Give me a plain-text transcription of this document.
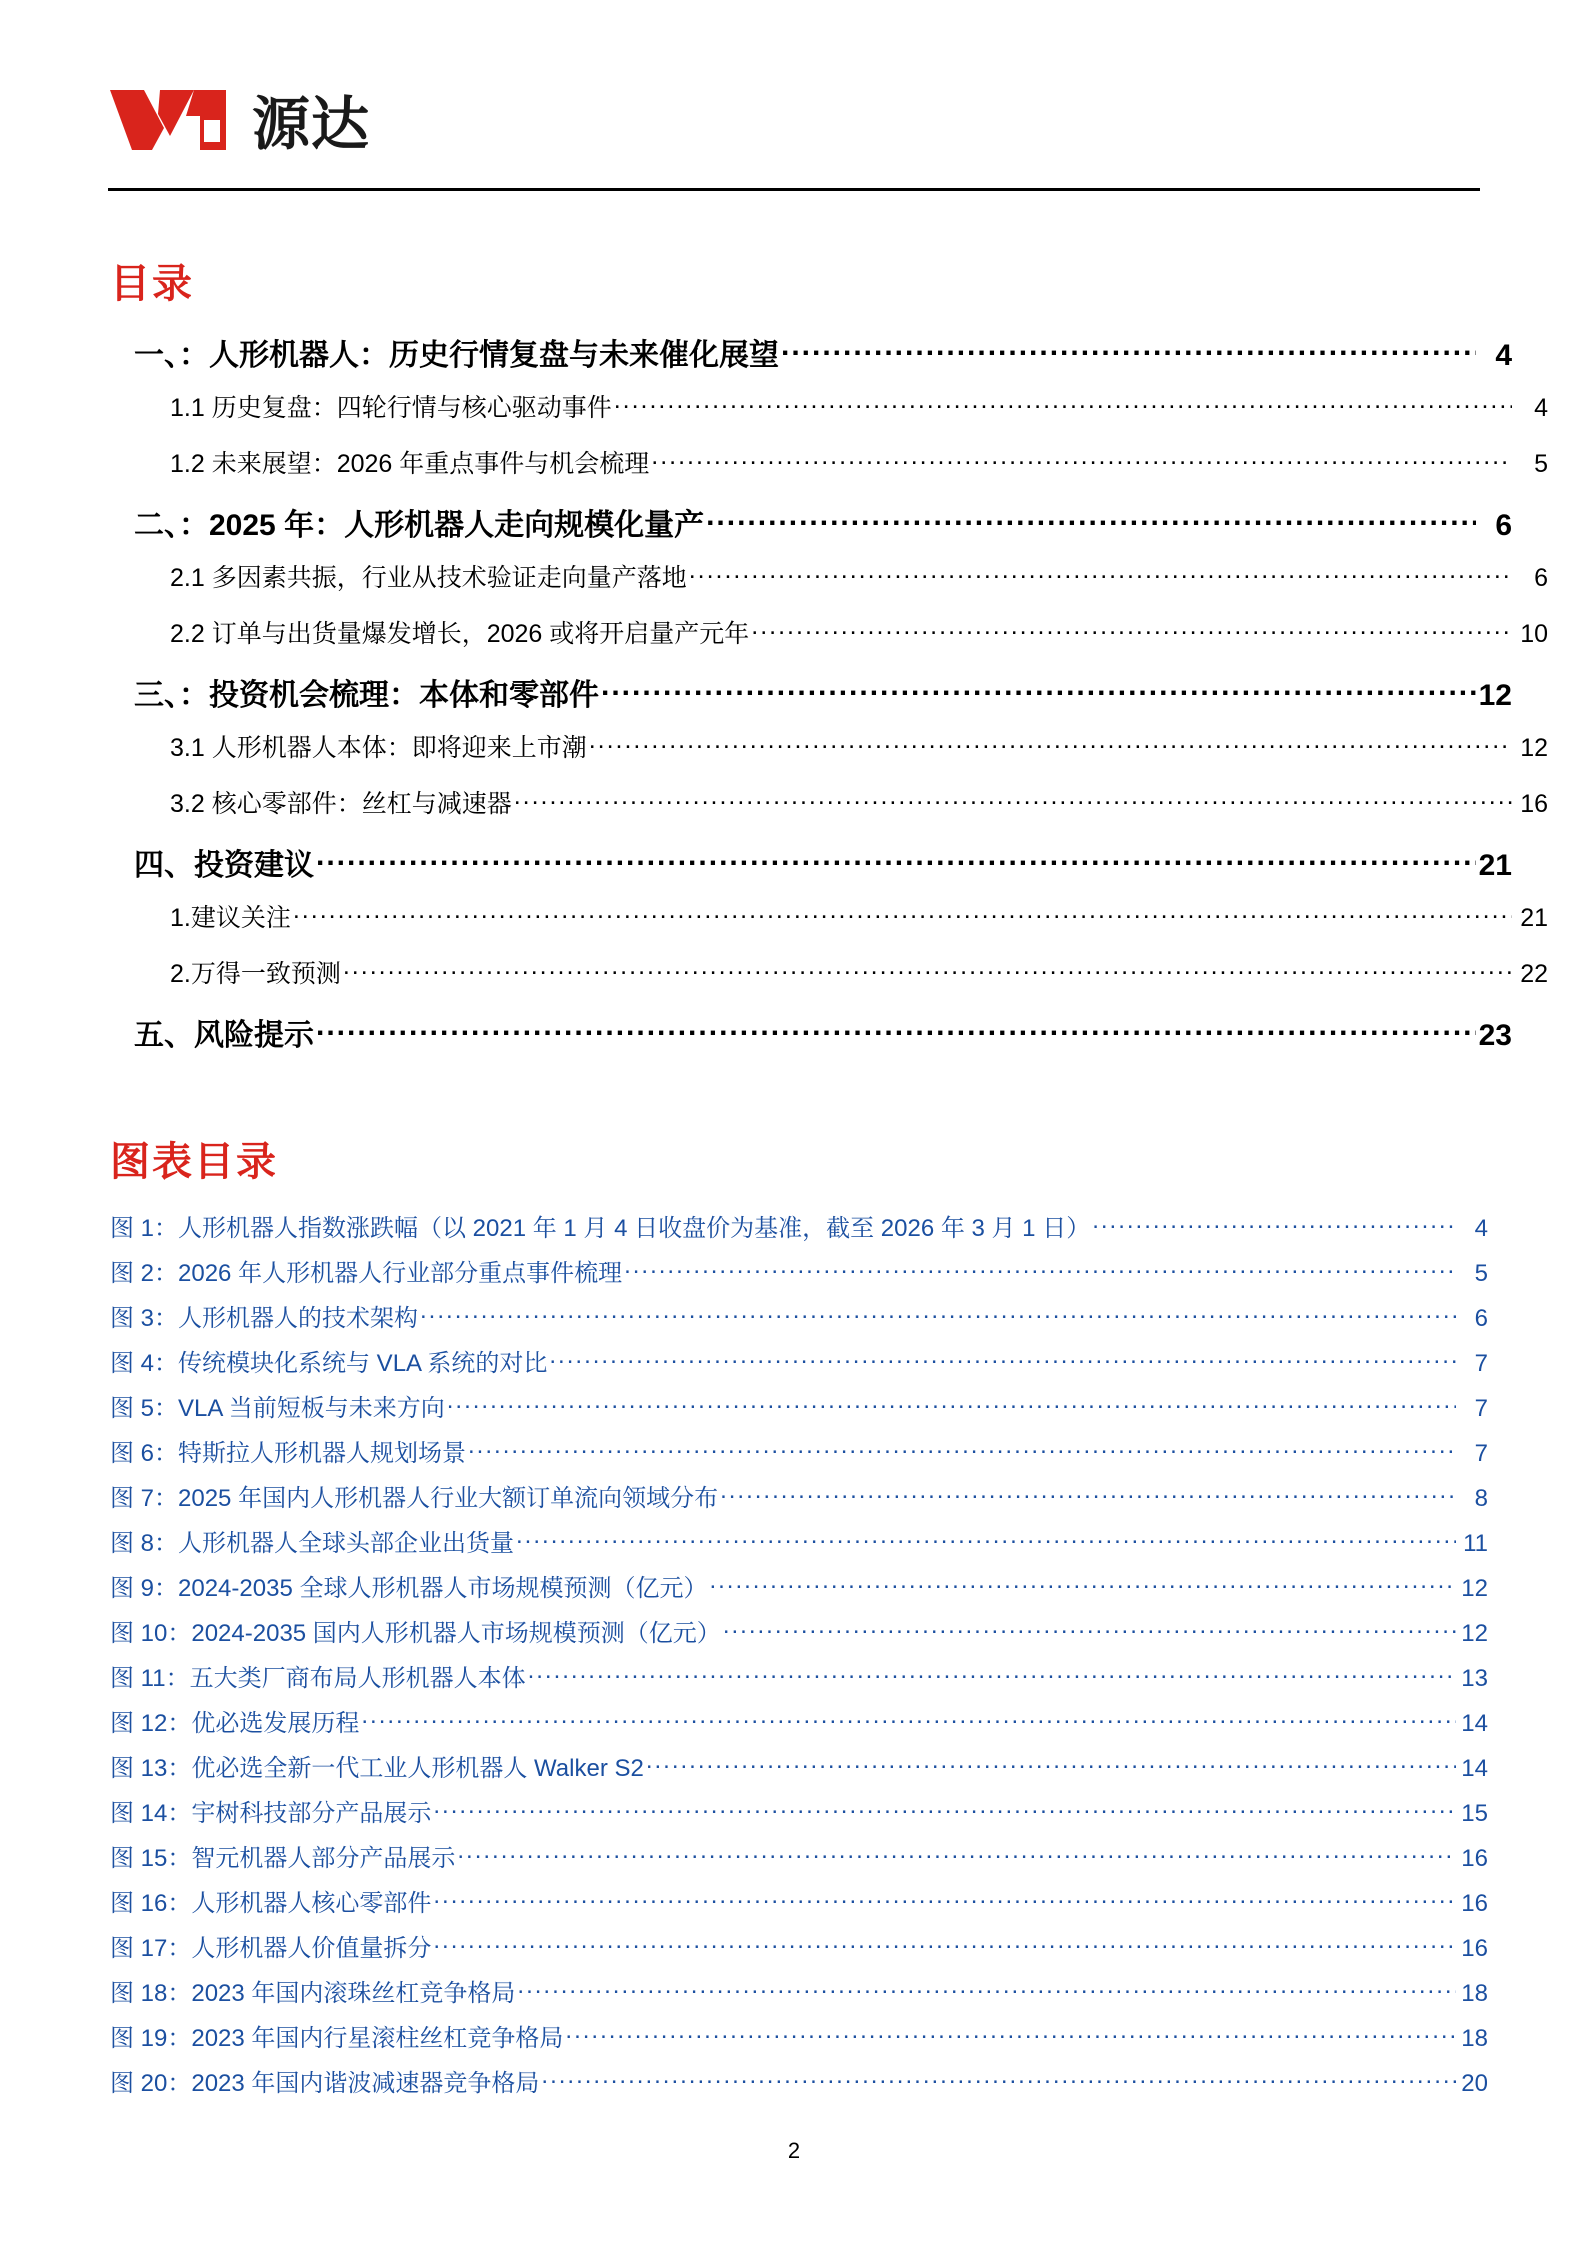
源达
目录
一、：人形机器人：历史行情复盘与未来催化展望 .....	4
1.1 历史复盘：四轮行情与核心驱动事件 .....	4
1.2 未来展望：2026 年重点事件与机会梳理 .....	5
二、：2025 年：人形机器人走向规模化量产 .....	6
2.1 多因素共振，行业从技术验证走向量产落地 .....	6
2.2 订单与出货量爆发增长，2026 或将开启量产元年 .....	10
三、：投资机会梳理：本体和零部件 .....	12
3.1 人形机器人本体：即将迎来上市潮 .....	12
3.2 核心零部件：丝杠与减速器 .....	16
四、投资建议 .....	21
1.建议关注 .....	21
2.万得一致预测 .....	22
五、风险提示 .....	23
图表目录
图 1：人形机器人指数涨跌幅（以 2021 年 1 月 4 日收盘价为基准，截至 2026 年 3 月 1 日） .....	4
图 2：2026 年人形机器人行业部分重点事件梳理 .....	5
图 3：人形机器人的技术架构 .....	6
图 4：传统模块化系统与 VLA 系统的对比 .....	7
图 5：VLA 当前短板与未来方向 .....	7
图 6：特斯拉人形机器人规划场景 .....	7
图 7：2025 年国内人形机器人行业大额订单流向领域分布 .....	8
图 8：人形机器人全球头部企业出货量 .....	11
图 9：2024-2035 全球人形机器人市场规模预测（亿元） .....	12
图 10：2024-2035 国内人形机器人市场规模预测（亿元） .....	12
图 11：五大类厂商布局人形机器人本体 .....	13
图 12：优必选发展历程 .....	14
图 13：优必选全新一代工业人形机器人 Walker S2 .....	14
图 14：宇树科技部分产品展示 .....	15
图 15：智元机器人部分产品展示 .....	16
图 16：人形机器人核心零部件 .....	16
图 17：人形机器人价值量拆分 .....	16
图 18：2023 年国内滚珠丝杠竞争格局 .....	18
图 19：2023 年国内行星滚柱丝杠竞争格局 .....	18
图 20：2023 年国内谐波减速器竞争格局 .....	20
2
